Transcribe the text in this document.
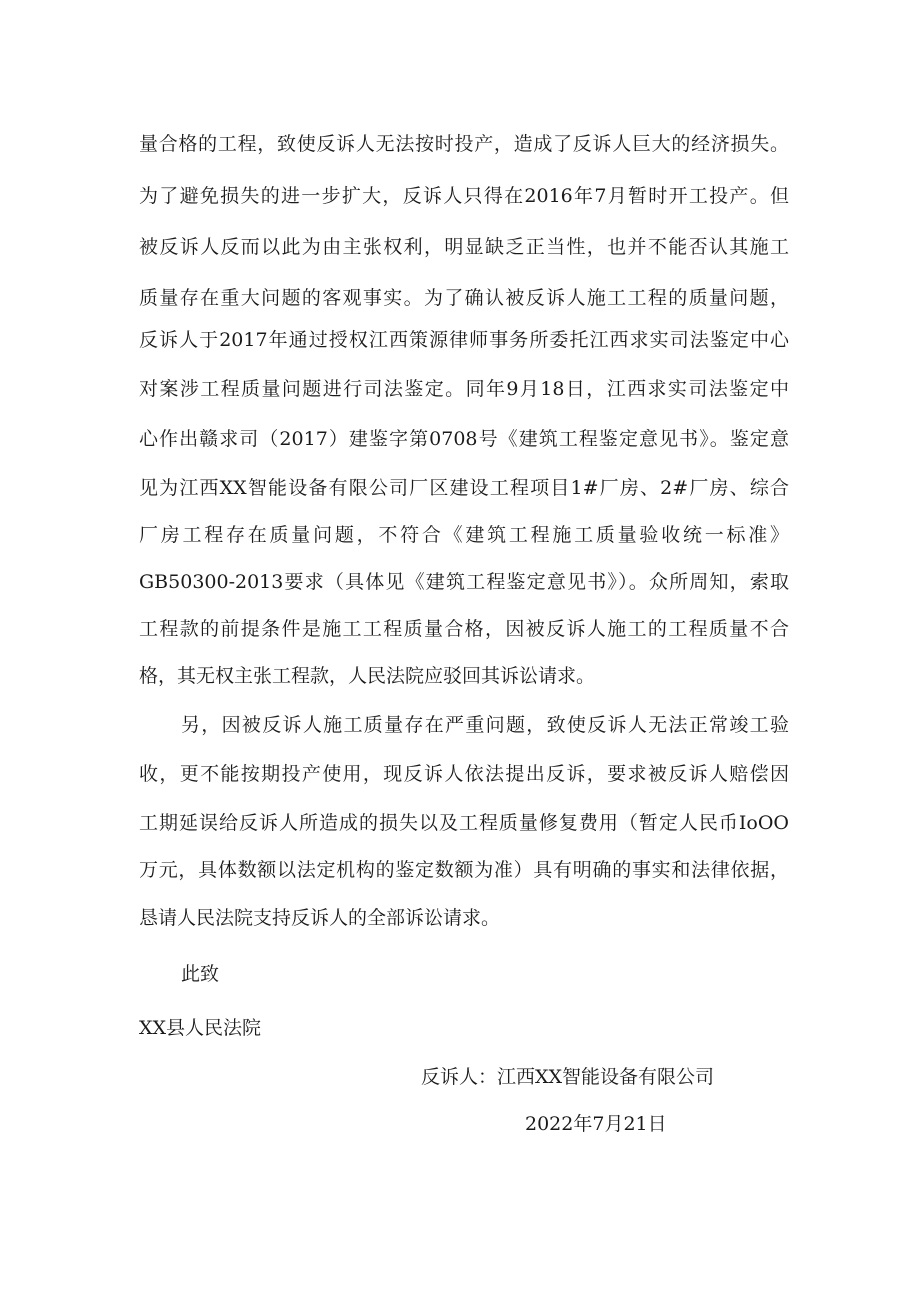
量合格的工程，致使反诉人无法按时投产，造成了反诉人巨大的经济损失。
为了避免损失的进一步扩大，反诉人只得在2016年7月暂时开工投产。但
被反诉人反而以此为由主张权利，明显缺乏正当性，也并不能否认其施工
质量存在重大问题的客观事实。为了确认被反诉人施工工程的质量问题，
反诉人于2017年通过授权江西策源律师事务所委托江西求实司法鉴定中心
对案涉工程质量问题进行司法鉴定。同年9月18日，江西求实司法鉴定中
心作出赣求司（2017）建鉴字第0708号《建筑工程鉴定意见书》。鉴定意
见为江西XX智能设备有限公司厂区建设工程项目1#厂房、2#厂房、综合
厂房工程存在质量问题，不符合《建筑工程施工质量验收统一标准》
GB50300-2013要求（具体见《建筑工程鉴定意见书》）。众所周知，索取
工程款的前提条件是施工工程质量合格，因被反诉人施工的工程质量不合
格，其无权主张工程款，人民法院应驳回其诉讼请求。
另，因被反诉人施工质量存在严重问题，致使反诉人无法正常竣工验
收，更不能按期投产使用，现反诉人依法提出反诉，要求被反诉人赔偿因
工期延误给反诉人所造成的损失以及工程质量修复费用（暂定人民币IoOO
万元，具体数额以法定机构的鉴定数额为准）具有明确的事实和法律依据，
恳请人民法院支持反诉人的全部诉讼请求。
此致
XX县人民法院
反诉人：江西XX智能设备有限公司
2022年7月21日
